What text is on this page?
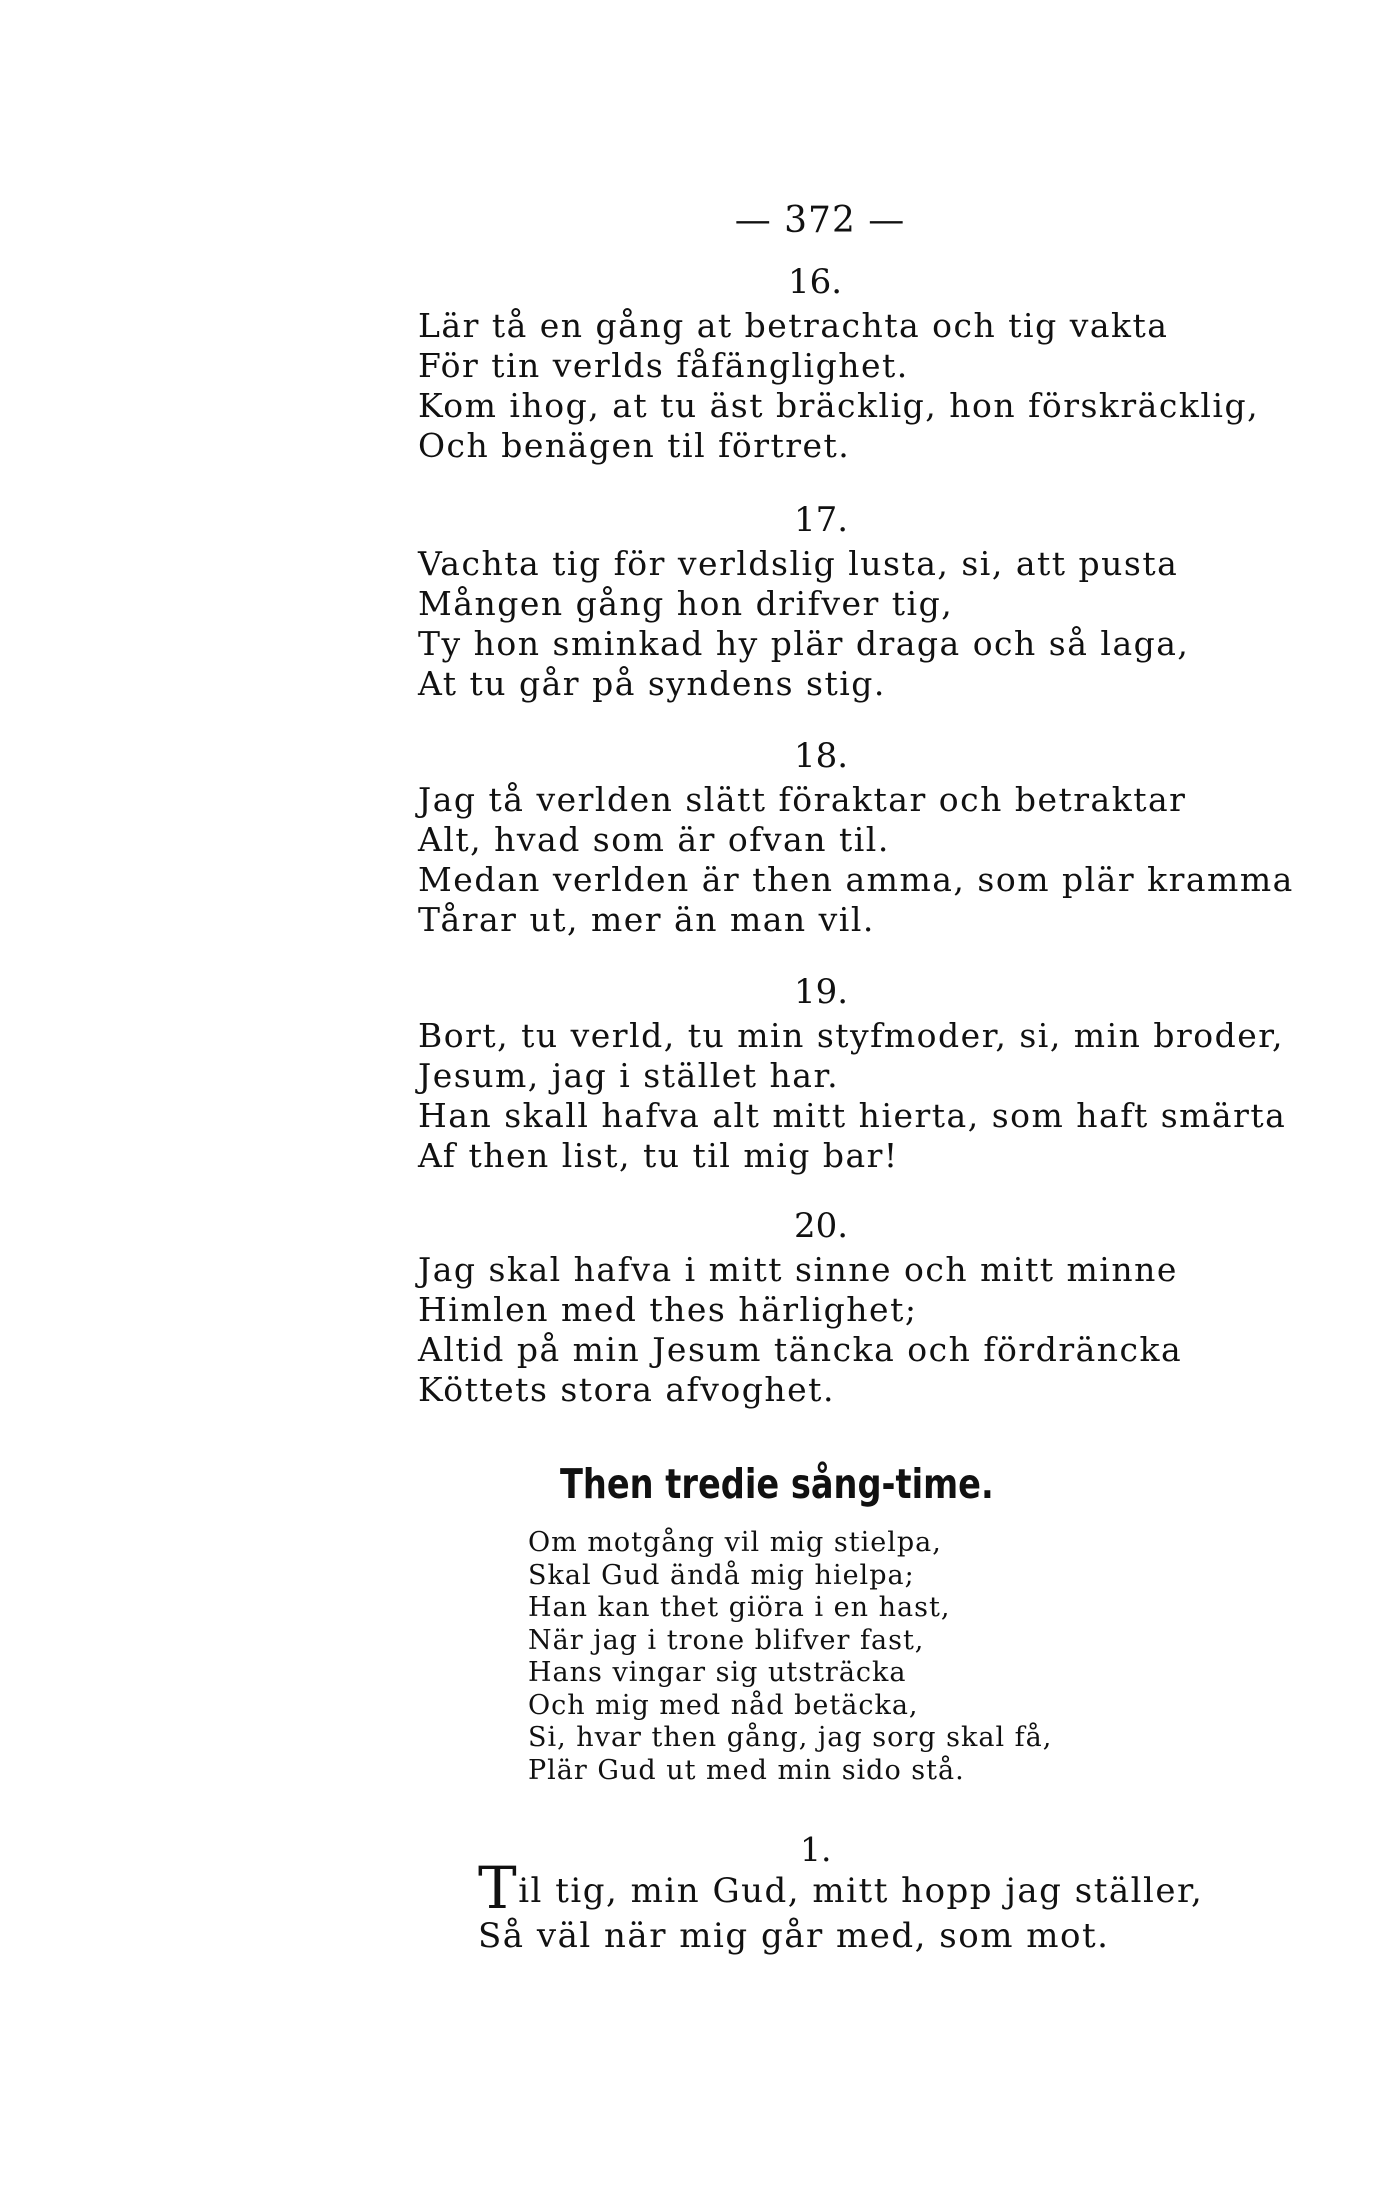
— 372 —
16.
Lär tå en gång at betrachta och tig vakta
För tin verlds fåfänglighet.
Kom ihog, at tu äst bräcklig, hon förskräcklig,
Och benägen til förtret.
17.
Vachta tig för verldslig lusta, si, att pusta
Mången gång hon drifver tig,
Ty hon sminkad hy plär draga och så laga,
At tu går på syndens stig.
18.
Jag tå verlden slätt föraktar och betraktar
Alt, hvad som är ofvan til.
Medan verlden är then amma, som plär kramma
Tårar ut, mer än man vil.
19.
Bort, tu verld, tu min styfmoder, si, min broder,
Jesum, jag i stället har.
Han skall hafva alt mitt hierta, som haft smärta
Af then list, tu til mig bar!
20.
Jag skal hafva i mitt sinne och mitt minne
Himlen med thes härlighet;
Altid på min Jesum täncka och fördräncka
Köttets stora afvoghet.
Then tredie sång-time.
Om motgång vil mig stielpa,
Skal Gud ändå mig hielpa;
Han kan thet giöra i en hast,
När jag i trone blifver fast,
Hans vingar sig utsträcka
Och mig med nåd betäcka,
Si, hvar then gång, jag sorg skal få,
Plär Gud ut med min sido stå.
1.
Til tig, min Gud, mitt hopp jag ställer,
Så väl när mig går med, som mot.
